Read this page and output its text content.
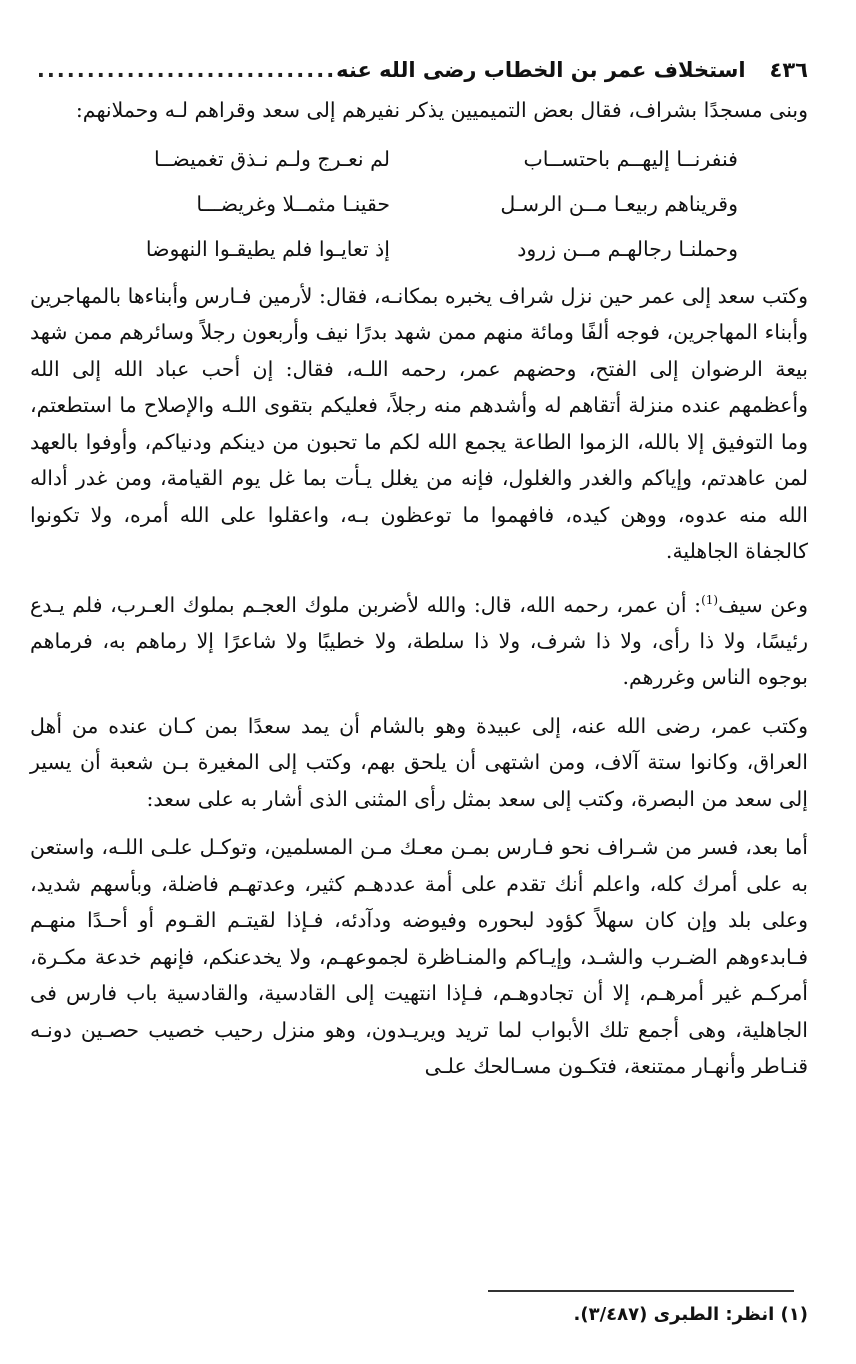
٤٣٦
استخلاف عمر بن الخطاب رضى الله عنه
..............................

وبنى مسجدًا بشراف، فقال بعض التميميين يذكر نفيرهم إلى سعد وقراهم لـه وحملانهم:

فنفرنــا إليهــم باحتســاب
لم نعـرج ولـم نـذق تغميضــا
وقريناهم ربيعـا مــن الرسـل
حقينـا مثمــلا وغريضـــا
وحملنـا رجالهـم مــن زرود
إذ تعايـوا فلم يطيقـوا النهوضا

وكتب سعد إلى عمر حين نزل شراف يخبره بمكانـه، فقال: لأرمين فـارس وأبناءها بالمهاجرين وأبناء المهاجرين، فوجه ألفًا ومائة منهم ممن شهد بدرًا نيف وأربعون رجلاً وسائرهم ممن شهد بيعة الرضوان إلى الفتح، وحضهم عمر، رحمه اللـه، فقال: إن أحب عباد الله إلى الله وأعظمهم عنده منزلة أتقاهم له وأشدهم منه رجلاً، فعليكم بتقوى اللـه والإصلاح ما استطعتم، وما التوفيق إلا بالله، الزموا الطاعة يجمع الله لكم ما تحبون من دينكم ودنياكم، وأوفوا بالعهد لمن عاهدتم، وإياكم والغدر والغلول، فإنه من يغلل يـأت بما غل يوم القيامة، ومن غدر أداله الله منه عدوه، ووهن كيده، فافهموا ما توعظون بـه، واعقلوا على الله أمره، ولا تكونوا كالجفاة الجاهلية.

وعن سيف$^{(1)}$: أن عمر، رحمه الله، قال: والله لأضربن ملوك العجـم بملوك العـرب، فلم يـدع رئيسًا، ولا ذا رأى، ولا ذا شرف، ولا ذا سلطة، ولا خطيبًا ولا شاعرًا إلا رماهم به، فرماهم بوجوه الناس وغررهم.

وكتب عمر، رضى الله عنه، إلى عبيدة وهو بالشام أن يمد سعدًا بمن كـان عنده من أهل العراق، وكانوا ستة آلاف، ومن اشتهى أن يلحق بهم، وكتب إلى المغيرة بـن شعبة أن يسير إلى سعد من البصرة، وكتب إلى سعد بمثل رأى المثنى الذى أشار به على سعد:

أما بعد، فسر من شـراف نحو فـارس بمـن معـك مـن المسلمين، وتوكـل علـى اللـه، واستعن به على أمرك كله، واعلم أنك تقدم على أمة عددهـم كثير، وعدتهـم فاضلة، وبأسهم شديد، وعلى بلد وإن كان سهلاً كؤود لبحوره وفيوضه ودآدئه، فـإذا لقيتـم القـوم أو أحـدًا منهـم فـابدءوهم الضـرب والشـد، وإيـاكم والمنـاظرة لجموعهـم، ولا يخدعنكم، فإنهم خدعة مكـرة، أمركـم غير أمرهـم، إلا أن تجادوهـم، فـإذا انتهيت إلى القادسية، والقادسية باب فارس فى الجاهلية، وهى أجمع تلك الأبواب لما تريد ويريـدون، وهو منزل رحيب خصيب حصـين دونـه قنـاطر وأنهـار ممتنعة، فتكـون مسـالحك علـى

(١) انظر: الطبرى (٣/٤٨٧).
